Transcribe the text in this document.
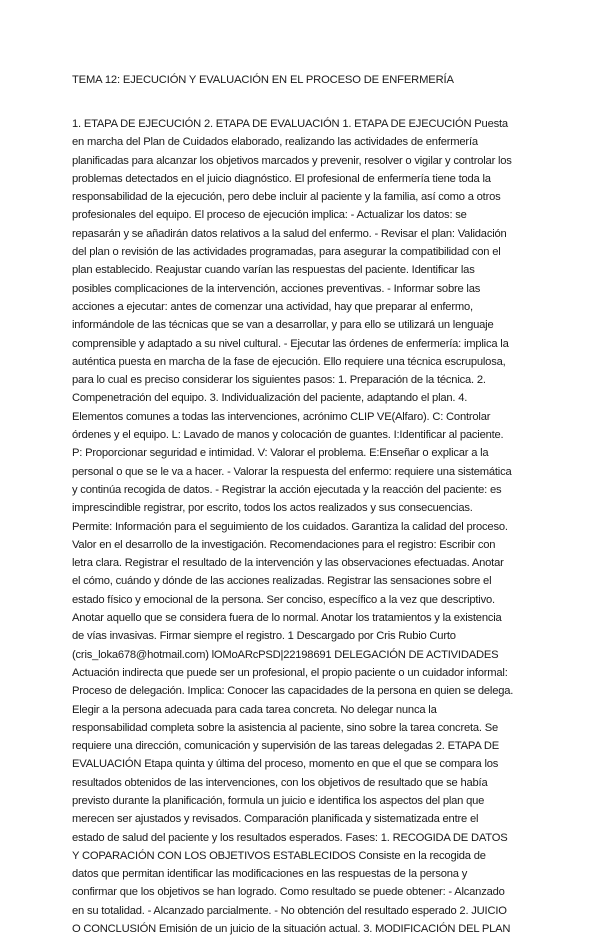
TEMA 12: EJECUCIÓN Y EVALUACIÓN EN EL PROCESO DE ENFERMERÍA
1. ETAPA DE EJECUCIÓN 2. ETAPA DE EVALUACIÓN 1. ETAPA DE EJECUCIÓN Puesta
en marcha del Plan de Cuidados elaborado, realizando las actividades de enfermería
planificadas para alcanzar los objetivos marcados y prevenir, resolver o vigilar y controlar los
problemas detectados en el juicio diagnóstico. El profesional de enfermería tiene toda la
responsabilidad de la ejecución, pero debe incluir al paciente y la familia, así como a otros
profesionales del equipo. El proceso de ejecución implica: - Actualizar los datos: se
repasarán y se añadirán datos relativos a la salud del enfermo. - Revisar el plan: Validación
del plan o revisión de las actividades programadas, para asegurar la compatibilidad con el
plan establecido. Reajustar cuando varían las respuestas del paciente. Identificar las
posibles complicaciones de la intervención, acciones preventivas. - Informar sobre las
acciones a ejecutar: antes de comenzar una actividad, hay que preparar al enfermo,
informándole de las técnicas que se van a desarrollar, y para ello se utilizará un lenguaje
comprensible y adaptado a su nivel cultural. - Ejecutar las órdenes de enfermería: implica la
auténtica puesta en marcha de la fase de ejecución. Ello requiere una técnica escrupulosa,
para lo cual es preciso considerar los siguientes pasos: 1. Preparación de la técnica. 2.
Compenetración del equipo. 3. Individualización del paciente, adaptando el plan. 4.
Elementos comunes a todas las intervenciones, acrónimo CLIP VE(Alfaro). C: Controlar
órdenes y el equipo. L: Lavado de manos y colocación de guantes. I:Identificar al paciente.
P: Proporcionar seguridad e intimidad. V: Valorar el problema. E:Enseñar o explicar a la
personal o que se le va a hacer. - Valorar la respuesta del enfermo: requiere una sistemática
y continúa recogida de datos. - Registrar la acción ejecutada y la reacción del paciente: es
imprescindible registrar, por escrito, todos los actos realizados y sus consecuencias.
Permite: Información para el seguimiento de los cuidados. Garantiza la calidad del proceso.
Valor en el desarrollo de la investigación. Recomendaciones para el registro: Escribir con
letra clara. Registrar el resultado de la intervención y las observaciones efectuadas. Anotar
el cómo, cuándo y dónde de las acciones realizadas. Registrar las sensaciones sobre el
estado físico y emocional de la persona. Ser conciso, específico a la vez que descriptivo.
Anotar aquello que se considera fuera de lo normal. Anotar los tratamientos y la existencia
de vías invasivas. Firmar siempre el registro. 1 Descargado por Cris Rubio Curto
(cris_loka678@hotmail.com) lOMoARcPSD|22198691 DELEGACIÓN DE ACTIVIDADES
Actuación indirecta que puede ser un profesional, el propio paciente o un cuidador informal:
Proceso de delegación. Implica: Conocer las capacidades de la persona en quien se delega.
Elegir a la persona adecuada para cada tarea concreta. No delegar nunca la
responsabilidad completa sobre la asistencia al paciente, sino sobre la tarea concreta. Se
requiere una dirección, comunicación y supervisión de las tareas delegadas 2. ETAPA DE
EVALUACIÓN Etapa quinta y última del proceso, momento en que el que se compara los
resultados obtenidos de las intervenciones, con los objetivos de resultado que se había
previsto durante la planificación, formula un juicio e identifica los aspectos del plan que
merecen ser ajustados y revisados. Comparación planificada y sistematizada entre el
estado de salud del paciente y los resultados esperados. Fases: 1. RECOGIDA DE DATOS
Y COPARACIÓN CON LOS OBJETIVOS ESTABLECIDOS Consiste en la recogida de
datos que permitan identificar las modificaciones en las respuestas de la persona y
confirmar que los objetivos se han logrado. Como resultado se puede obtener: - Alcanzado
en su totalidad. - Alcanzado parcialmente. - No obtención del resultado esperado 2. JUICIO
O CONCLUSIÓN Emisión de un juicio de la situación actual. 3. MODIFICACIÓN DEL PLAN
